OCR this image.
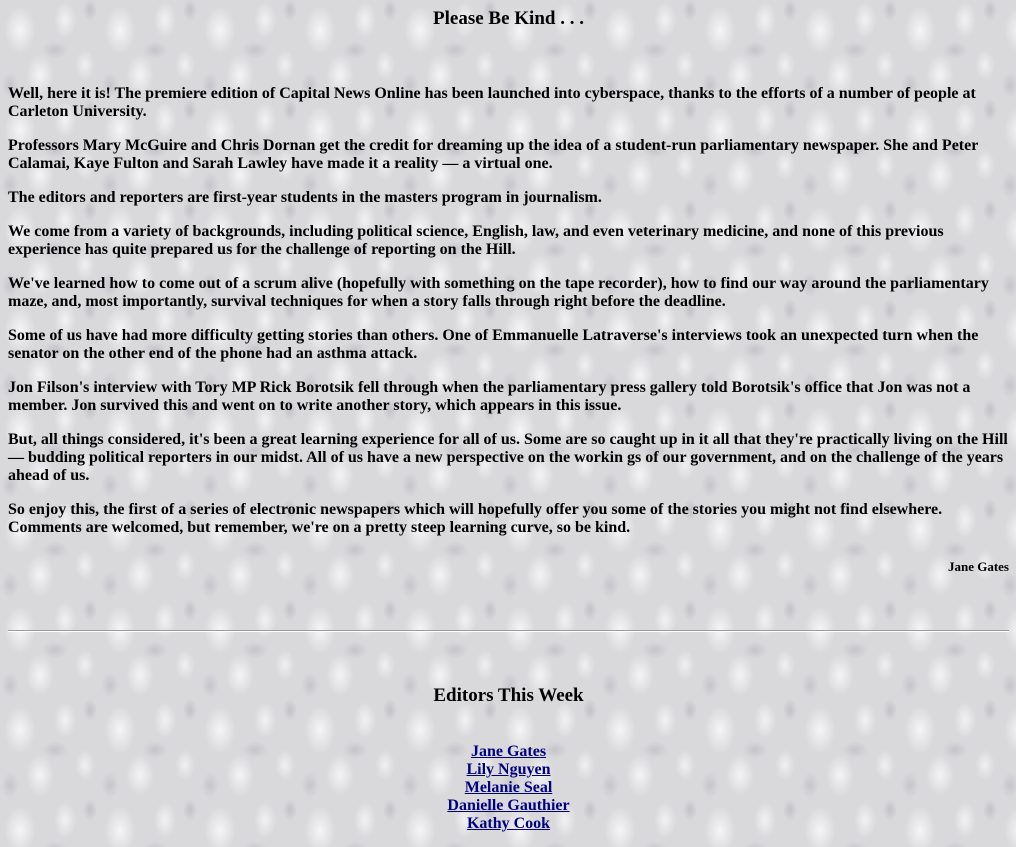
Please Be Kind . . .

Well, here it is! The premiere edition of Capital News Online has been launched into cyberspace, thanks to the efforts of a number of people at Carleton University.

Professors Mary McGuire and Chris Dornan get the credit for dreaming up the idea of a student-run parliamentary newspaper. She and Peter Calamai, Kaye Fulton and Sarah Lawley have made it a reality — a virtual one.

The editors and reporters are first-year students in the masters program in journalism.

We come from a variety of backgrounds, including political science, English, law, and even veterinary medicine, and none of this previous experience has quite prepared us for the challenge of reporting on the Hill.

We've learned how to come out of a scrum alive (hopefully with something on the tape recorder), how to find our way around the parliamentary maze, and, most importantly, survival techniques for when a story falls through right before the deadline.

Some of us have had more difficulty getting stories than others. One of Emmanuelle Latraverse's interviews took an unexpected turn when the senator on the other end of the phone had an asthma attack.

Jon Filson's interview with Tory MP Rick Borotsik fell through when the parliamentary press gallery told Borotsik's office that Jon was not a member. Jon survived this and went on to write another story, which appears in this issue.

But, all things considered, it's been a great learning experience for all of us. Some are so caught up in it all that they're practically living on the Hill — budding political reporters in our midst. All of us have a new perspective on the workin gs of our government, and on the challenge of the years ahead of us.

So enjoy this, the first of a series of electronic newspapers which will hopefully offer you some of the stories you might not find elsewhere. Comments are welcomed, but remember, we're on a pretty steep learning curve, so be kind.

Jane Gates
Editors This Week
Jane Gates
Lily Nguyen
Melanie Seal
Danielle Gauthier
Kathy Cook
